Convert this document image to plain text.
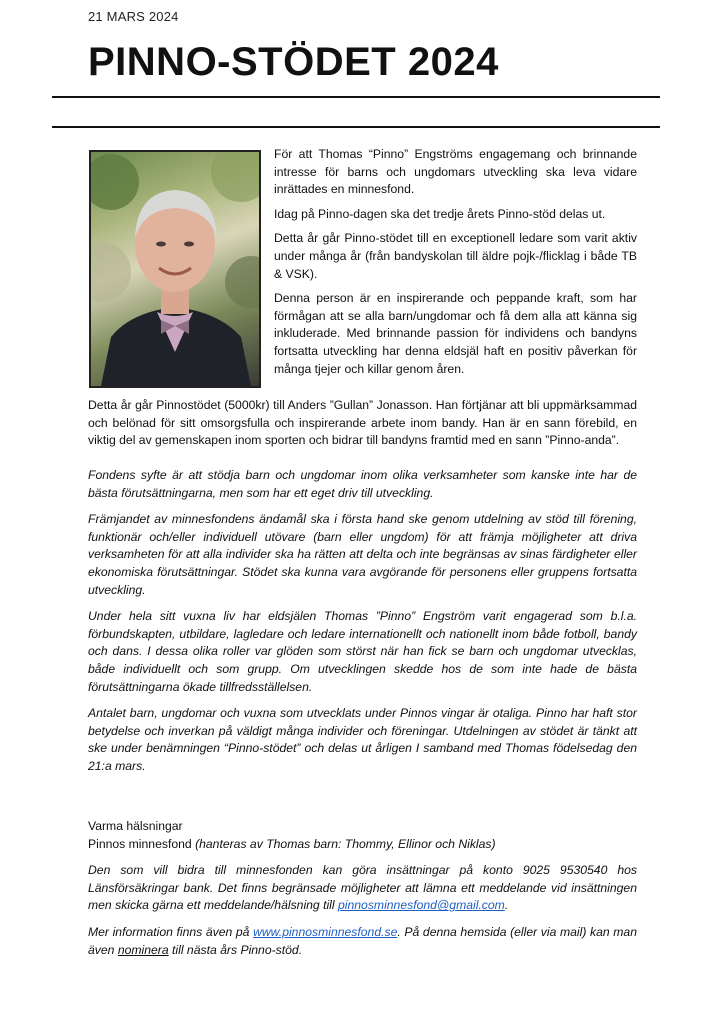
21 MARS 2024
PINNO-STÖDET 2024

För att Thomas “Pinno” Engströms engagemang och brinnande intresse för barns och ungdomars utveckling ska leva vidare inrättades en minnesfond.

Idag på Pinno-dagen ska det tredje årets Pinno-stöd delas ut.

Detta år går Pinno-stödet till en exceptionell ledare som varit aktiv under många år (från bandyskolan till äldre pojk-/flicklag i både TB & VSK).

Denna person är en inspirerande och peppande kraft, som har förmågan att se alla barn/ungdomar och få dem alla att känna sig inkluderade. Med brinnande passion för individens och bandyns fortsatta utveckling har denna eldsjäl haft en positiv påverkan för många tjejer och killar genom åren.

Detta år går Pinnostödet (5000kr) till Anders ”Gullan” Jonasson. Han förtjänar att bli uppmärksammad och belönad för sitt omsorgsfulla och inspirerande arbete inom bandy. Han är en sann förebild, en viktig del av gemenskapen inom sporten och bidrar till bandyns framtid med en sann ”Pinno-anda”.

Fondens syfte är att stödja barn och ungdomar inom olika verksamheter som kanske inte har de bästa förutsättningarna, men som har ett eget driv till utveckling.

Främjandet av minnesfondens ändamål ska i första hand ske genom utdelning av stöd till förening, funktionär och/eller individuell utövare (barn eller ungdom) för att främja möjligheter att driva verksamheten för att alla individer ska ha rätten att delta och inte begränsas av sinas färdigheter eller ekonomiska förutsättningar. Stödet ska kunna vara avgörande för personens eller gruppens fortsatta utveckling.

Under hela sitt vuxna liv har eldsjälen Thomas ”Pinno” Engström varit engagerad som b.l.a. förbundskapten, utbildare, lagledare och ledare internationellt och nationellt inom både fotboll, bandy och dans. I dessa olika roller var glöden som störst när han fick se barn och ungdomar utvecklas, både individuellt och som grupp. Om utvecklingen skedde hos de som inte hade de bästa förutsättningarna ökade tillfredsställelsen.

Antalet barn, ungdomar och vuxna som utvecklats under Pinnos vingar är otaliga. Pinno har haft stor betydelse och inverkan på väldigt många individer och föreningar. Utdelningen av stödet är tänkt att ske under benämningen “Pinno-stödet” och delas ut årligen I samband med Thomas födelsedag den 21:a mars.

Varma hälsningar

Pinnos minnesfond (hanteras av Thomas barn: Thommy, Ellinor och Niklas)

Den som vill bidra till minnesfonden kan göra insättningar på konto 9025 9530540 hos Länsförsäkringar bank. Det finns begränsade möjligheter att lämna ett meddelande vid insättningen men skicka gärna ett meddelande/hälsning till pinnosminnesfond@gmail.com.

Mer information finns även på www.pinnosminnesfond.se. På denna hemsida (eller via mail) kan man även nominera till nästa års Pinno-stöd.
